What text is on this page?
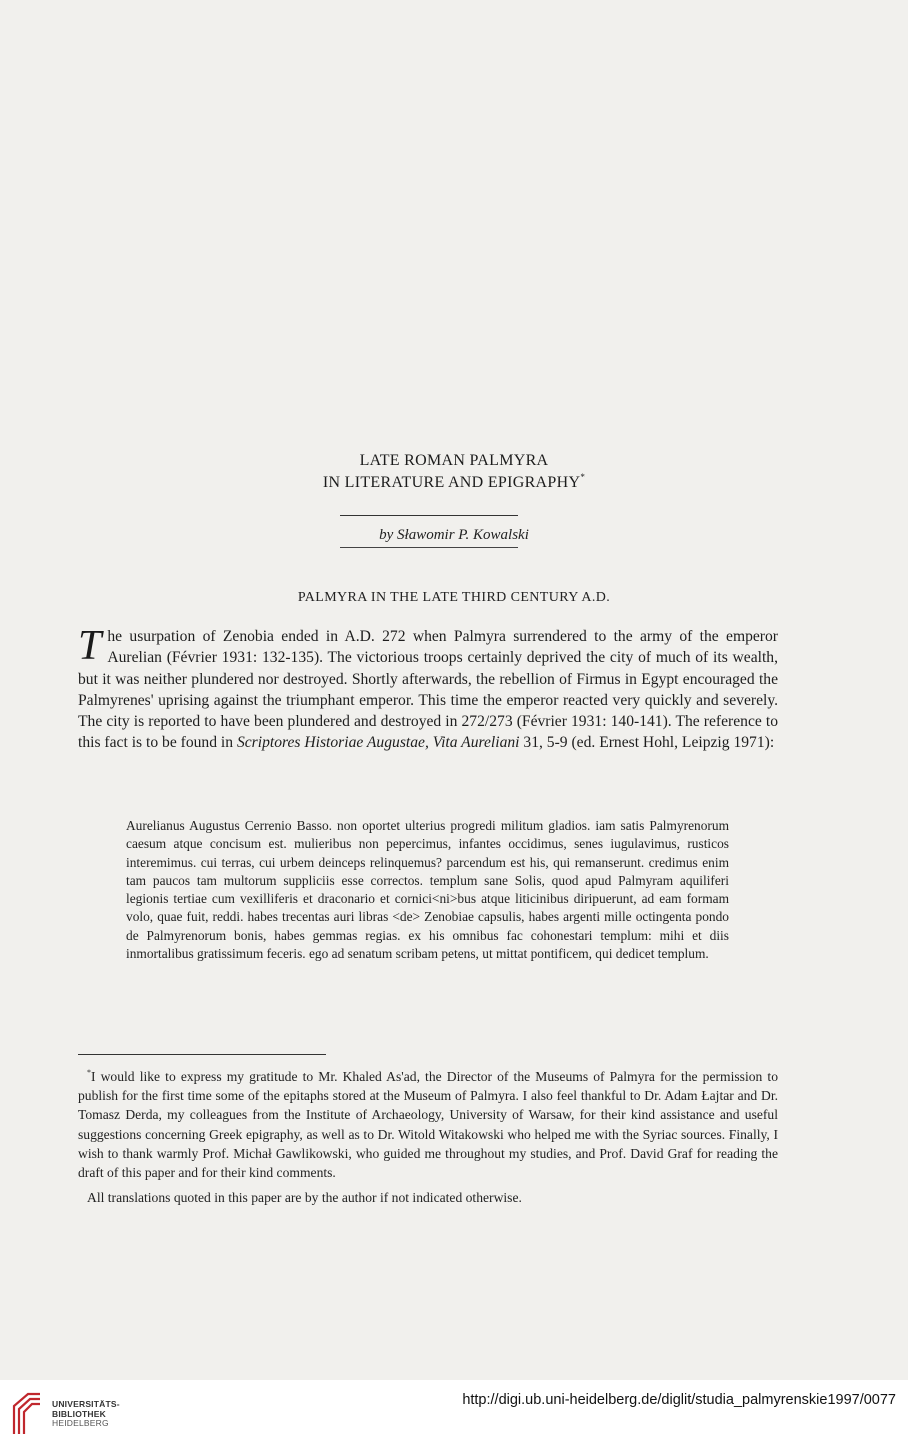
LATE ROMAN PALMYRA
IN LITERATURE AND EPIGRAPHY*
by Sławomir P. Kowalski
PALMYRA IN THE LATE THIRD CENTURY A.D.
The usurpation of Zenobia ended in A.D. 272 when Palmyra surrendered to the army of the emperor Aurelian (Février 1931: 132-135). The victorious troops certainly deprived the city of much of its wealth, but it was neither plundered nor destroyed. Shortly afterwards, the rebellion of Firmus in Egypt encouraged the Palmyrenes' uprising against the triumphant emperor. This time the emperor reacted very quickly and severely. The city is reported to have been plundered and destroyed in 272/273 (Février 1931: 140-141). The reference to this fact is to be found in Scriptores Historiae Augustae, Vita Aureliani 31, 5-9 (ed. Ernest Hohl, Leipzig 1971):
Aurelianus Augustus Cerrenio Basso. non oportet ulterius progredi militum gladios. iam satis Palmyrenorum caesum atque concisum est. mulieribus non pepercimus, infantes occidimus, senes iugulavimus, rusticos interemimus. cui terras, cui urbem deinceps relinquemus? parcendum est his, qui remanserunt. credimus enim tam paucos tam multorum suppliciis esse correctos. templum sane Solis, quod apud Palmyram aquiliferi legionis tertiae cum vexilliferis et draconario et cornici<ni>bus atque liticinibus diripuerunt, ad eam formam volo, quae fuit, reddi. habes trecentas auri libras <de> Zenobiae capsulis, habes argenti mille octingenta pondo de Palmyrenorum bonis, habes gemmas regias. ex his omnibus fac cohonestari templum: mihi et diis inmortalibus gratissimum feceris. ego ad senatum scribam petens, ut mittat pontificem, qui dedicet templum.

*I would like to express my gratitude to Mr. Khaled As'ad, the Director of the Museums of Palmyra for the permission to publish for the first time some of the epitaphs stored at the Museum of Palmyra. I also feel thankful to Dr. Adam Łajtar and Dr. Tomasz Derda, my colleagues from the Institute of Archaeology, University of Warsaw, for their kind assistance and useful suggestions concerning Greek epigraphy, as well as to Dr. Witold Witakowski who helped me with the Syriac sources. Finally, I wish to thank warmly Prof. Michał Gawlikowski, who guided me throughout my studies, and Prof. David Graf for reading the draft of this paper and for their kind comments.

All translations quoted in this paper are by the author if not indicated otherwise.

UNIVERSITÄTS-
BIBLIOTHEK
HEIDELBERG
http://digi.ub.uni-heidelberg.de/diglit/studia_palmyrenskie1997/0077
